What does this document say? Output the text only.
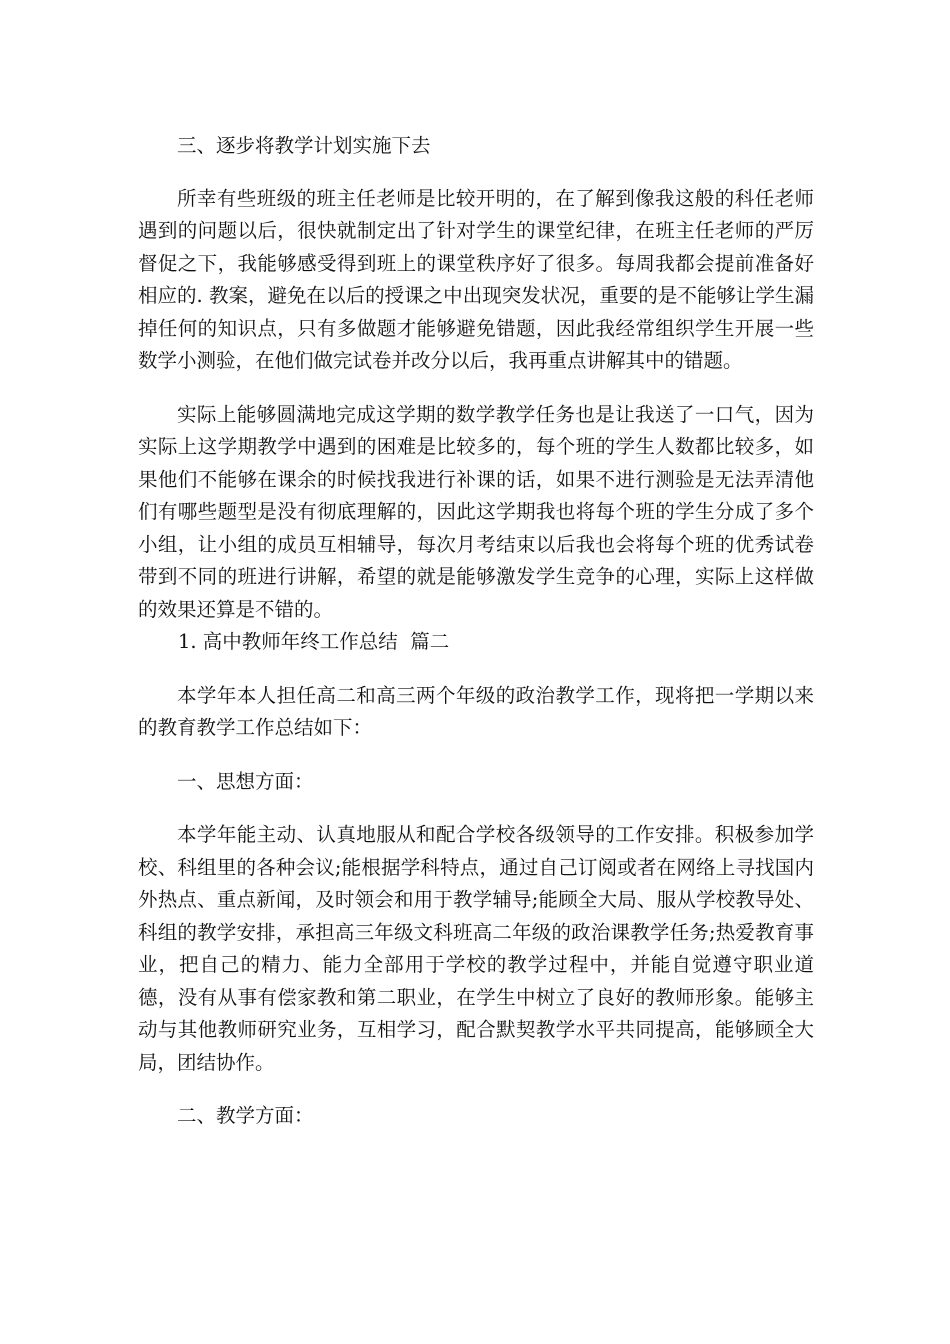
三、逐步将教学计划实施下去

所幸有些班级的班主任老师是比较开明的，在了解到像我这般的科任老师遇到的问题以后，很快就制定出了针对学生的课堂纪律，在班主任老师的严厉督促之下，我能够感受得到班上的课堂秩序好了很多。每周我都会提前准备好相应的. 教案，避免在以后的授课之中出现突发状况，重要的是不能够让学生漏掉任何的知识点，只有多做题才能够避免错题，因此我经常组织学生开展一些数学小测验，在他们做完试卷并改分以后，我再重点讲解其中的错题。

实际上能够圆满地完成这学期的数学教学任务也是让我送了一口气，因为实际上这学期教学中遇到的困难是比较多的，每个班的学生人数都比较多，如果他们不能够在课余的时候找我进行补课的话，如果不进行测验是无法弄清他们有哪些题型是没有彻底理解的，因此这学期我也将每个班的学生分成了多个小组，让小组的成员互相辅导，每次月考结束以后我也会将每个班的优秀试卷带到不同的班进行讲解，希望的就是能够激发学生竞争的心理，实际上这样做的效果还算是不错的。

1. 高中教师年终工作总结  篇二

本学年本人担任高二和高三两个年级的政治教学工作，现将把一学期以来的教育教学工作总结如下：

一、思想方面：

本学年能主动、认真地服从和配合学校各级领导的工作安排。积极参加学校、科组里的各种会议;能根据学科特点，通过自己订阅或者在网络上寻找国内外热点、重点新闻，及时领会和用于教学辅导;能顾全大局、服从学校教导处、科组的教学安排，承担高三年级文科班高二年级的政治课教学任务;热爱教育事业，把自己的精力、能力全部用于学校的教学过程中，并能自觉遵守职业道德，没有从事有偿家教和第二职业，在学生中树立了良好的教师形象。能够主动与其他教师研究业务，互相学习，配合默契教学水平共同提高，能够顾全大局，团结协作。

二、教学方面：
